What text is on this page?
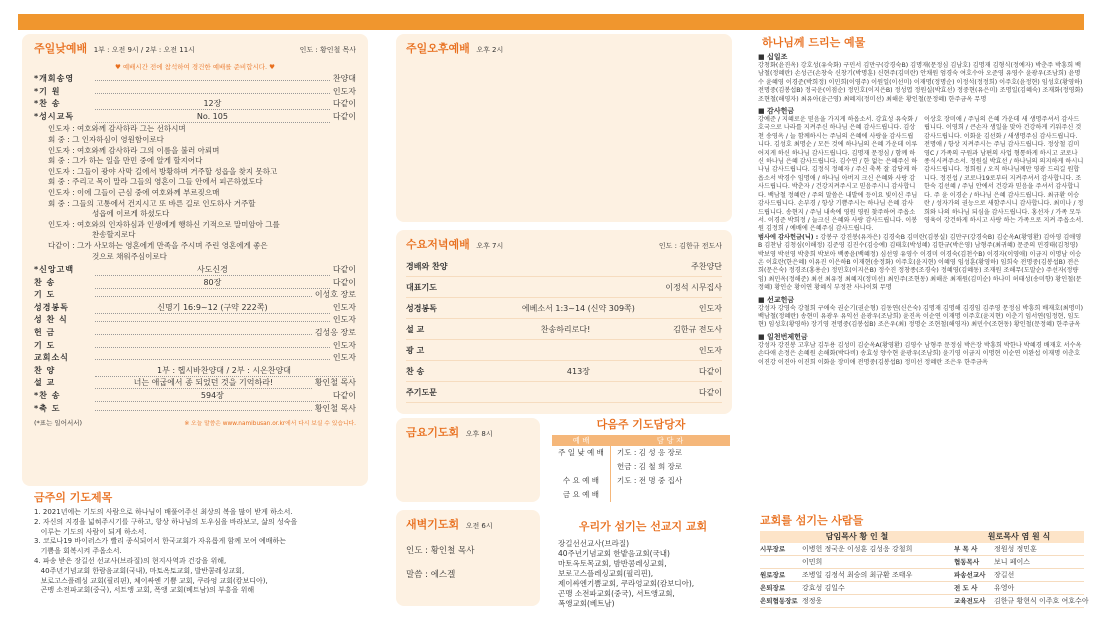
주일낮예배 1부 : 오전 9시 / 2부 : 오전 11시	인도 : 황인철 목사
♥ 예배시간 전에 참석하여 경건한 예배를 준비합시다. ♥
*개회송영	찬양대
*기 원	인도자
*찬 송	12장	다같이
*성시교독	No. 105	다같이
인도자 : 여호와께 감사하라 그는 선하시며
회 중 : 그 인자하심이 영원함이로다
인도자 : 여호와께 감사하라 그의 이름을 불러 아뢰며
회 중 : 그가 하는 일을 만민 중에 알게 할지어다
인도자 : 그들이 광야 사막 길에서 방황하며 거주할 성읍을 찾지 못하고
회 중 : 주리고 목이 말라 그들의 영혼이 그들 안에서 피곤하였도다
인도자 : 이에 그들이 근심 중에 여호와께 부르짖으매
회 중 : 그들의 고통에서 건지시고 또 바른 길로 인도하사 거주할
성읍에 이르게 하셨도다
인도자 : 여호와의 인자하심과 인생에게 행하신 기적으로 말미암아 그를
찬송할지로다
다같이 : 그가 사모하는 영혼에게 만족을 주시며 주린 영혼에게 좋은
것으로 채워주심이로다
*신앙고백	사도신경	다같이
찬 송	80장	다같이
기 도	이성호 장로
성경봉독	신명기 16:9~12 (구약 222쪽)	인도자
성 찬 식	인도자
헌 금	김성응 장로
기 도	인도자
교회소식	인도자
찬 양	1부 : 헵시바찬양대 / 2부 : 시온찬양대
설 교	너는 애굽에서 종 되었던 것을 기억하라!	황인철 목사
*찬 송	594장	다같이
*축 도	황인철 목사
(*표는 일어서서)	※ 오늘 말씀은 www.namibusan.or.kr에서 다시 보실 수 있습니다.
금주의 기도제목
1. 2021년에는 기도의 사람으로 하나님이 배풀어주신 최상의 복을 많이 받게 하소서.
2. 자신의 지경을 넓혀주시기를 구하고, 항상 하나님의 도우심을 바라보고, 삶의 성숙을
이루는 기도의 사람이 되게 하소서.
3. 코로나19 바이러스가 빨리 종식되어서 한국교회가 자유롭게 함께 모여 예배하는
기쁨을 회복시켜 주옵소서.
4. 파송 받은 장길선 선교사(브라질)의 현지사역과 건강을 위해,
40주년기념교회 한람음교회(국내), 마토옥토교회, 발반콤레싱교회,
보로고스플레싱 교회(필리핀), 체이싸엔 기쁨 교회, 쿠라엉 교회(캄보디아),
곤맹 소전파교회(중국), 서트앵 교회, 폭앵 교회(베트남)의 부흥을 위해
주일오후예배 오후 2시
수요저녁예배 오후 7시	인도 : 김한규 전도사
경배와 찬양	주찬양단
대표기도	이정석 시무집사
성경봉독	에베소서 1:3~14 (신약 309쪽)	인도자
설 교	찬송하리로다!	김한규 전도사
광 고	인도자
찬 송	413장	다같이
주기도문	다같이
금요기도회 오후 8시
새벽기도회 오전 6시
인도 : 황인철 목사
말씀 : 에스겔
다음주 기도담당자
예 배	담 당 자
주 일 낮 예 배	기도 : 김 성 응 장로
헌금 : 김 철 희 장로
수 요 예 배	기도 : 전 명 중 집사
금 요 예 배
우리가 섬기는 선교지 교회
장길선선교사(브라질)
40주년기념교회 한밭음교회(국내)
마토옥토목교회, 밤반콤레싱교회,
보로고스플레싱교회(필리핀),
제이싸엔기쁨교회, 쿠라엉교회(캄보디아),
곤맹 소전파교회(중국), 서트앵교회,
폭앵교회(베트남)
하나님께 드리는 예물
■ 십일조
강청화(윤진옥) 강호성(유숙화) 구민서 김만구(강경숙B) 김명재(문정심 김남호) 김명재 김형식(정예자) 박춘주 박흥희 백남철(정혜란) 손성근(손창숙 신창기(박명훈) 신현주(김미란) 안채원 엄경숙 여호수아 오준영 유영수 윤광우(조남희) 윤명수 윤혜영 이경준(박희정) 이민희(이영주) 이원일(이선미) 이재명(정명순) 이정석(정정희) 이주호(윤정현) 임성호(황영하) 전명중(김봉섭B) 정국운(이점순) 정민호(이지은B) 정성엽 정원실(박효선) 정중현(유은미) 조명일(김혜숙) 조재화(정영화) 조현철(해영자) 최유아(윤근영) 최혜지(정미선) 최해운 황인철(문정혜) 한주금옥 무명
■ 감사헌금
강예준 / 지혜로운 믿음을 가지게 하옵소서. 강효성 유숙화 / 호국으로 나라를 지켜주신 하나님 은혜 감사드립니다. 김상천 송영옥 / 늘 함께하시는 주님의 은혜에 사랑을 감사드립니다. 김성호 최명순 / 모든 것에 하나님의 은혜 가운데 이루어지게 하신 하나님 감사드립니다. 김명재 문정심 / 함께 하신 하나님 은혜 감사드립니다. 김수연 / 한 없는 은혜주신 하나님 감사드립니다. 김정식 정혜자 / 주신 축복 잘 감당케 하옵소서 박경수 임명애 / 하나님 아버지 크신 은혜와 사랑 감사드립니다. 박춘자 / 건강지켜주시고 믿음주시니 감사합니다. 백남철 정혜란 / 주의 말씀은 내발에 등이요 빛이신 주님 감사드립니다. 손부경 / 항상 기쁨주시는 하나님 은혜 감사드립니다. 송현지 / 주님 내속에 영원 영원 찾주하여 주옵소서. 이경준 박희정 / 늘크신 은혜와 사랑 감사드립니다. 이봉원 김정희 / 예배에 은혜주심 감사드립니다.
이상호 장미애 / 주님의 은혜 가운데 새 생명주셔서 감사드립니다. 이영희 / 큰손자 생일을 맞아 건강하게 키워주신 것 감사드립니다. 이화윤 김선화 / 새생명주심 감사드립니다. 전명애 / 항상 지켜주시는 주님 감사드립니다. 정상철 김미영C / 가족의 구원과 남편의 사업 형통하게 하시고 코로나 종식시켜주소서. 정원실 박효선 / 하나님의 의지하게 하시니 감사드립니다. 정희원 / 오직 하나님께만 영광 드리길 원합니다. 정진섭 / 코로나19로부터 지켜주셔서 감사합니다. 조한숙 김선혜 / 주님 안에서 건강과 믿음을 주셔서 감사합니다. 주 윤 이경순 / 하나님 은혜 감사드립니다. 최규환 이승란 / 성자가의 권능으로 새함주시니 감사합니다. 최미나 / 정희와 나의 하나님 되심을 감사드립니다. 홍선자 / 가족 모두 영육이 강건하게 하시고 사랑 하는 가족으로 지켜 주옵소서.
범사에 감사헌금(닉) : 강봉구 강진봉(유자은) 김경숙B 김미란(김봉실) 김만구(강경숙B) 김순옥A(황영환) 김아영 김애영B 김찬남 김청심(이해정) 김준영 김진수(김승예) 김태호(박성혜) 김한규(박은영) 남형주(최귀혜) 문준의 민경태(김청영) 박보영 박선영 박충희 박보아 백종윤(백혜정) 심선영 유영수 이경미 이경숙(김천수B) 이경자(이영애) 이금지 이명남 이승온 이효란(한은혜) 이유진 이은하B 이재현(송정화) 이주호(윤지현) 이혜영 임성훈(황영하) 임희숙 전명중(김봉섭B) 전은희(문은숙) 정경조(홍용순) 정민호(이지은B) 정수진 정창종(조경숙) 정혜영(김혜동) 조재원 조해무(도말순) 주선자(정량임) 최민옥(정해준) 최선 최유정 최혜지(정미선) 최인주(조현동) 최해운 최재원(김미순) 하나미 허태성(송미향) 황인철(문정혜) 황인순 황이연 황혜식 부정찬 사나이회 무명
■ 선교헌금
강성자 강영숙 강철희 구애숙 권순기(권순형) 김동연(신은숙) 김명재 김명해 김경임 김주영 문정심 박흥희 배재호(최명미) 백남철(정혜란) 송현미 유광우 유익선 윤광우(조남희) 윤진옥 이순연 이재명 이주호(윤지현) 이춘기 임서연(임정현, 임도현) 임성호(황영하) 장기영 전명중(김봉섭B) 조은우(최) 정명순 조현철(해영자) 최민수(조현동) 황인철(문정혜) 한주금옥
■ 일천번제헌금
강성자 강진봉 고후남 김두용 김성미 김순옥A(황영환) 김영수 남형주 문정심 박은장 박흥희 박한나 박혜경 배재호 서수옥 손다애 손정은 손혜원 손해화(박다비) 송효성 양수현 윤광우(조남희) 윤기영 이금지 이명현 이순연 이완섭 이재명 이춘호 이진강 이진아 이진희 이화윤 장미애 전명중(김봉섭B) 정미선 정혜란 조은우 한주금옥
교회를 섬기는 사람들
담임목사 황 인 철	원로목사 염 원 식
시무장로	이병헌 정국운 이성훈 김성응 강철희	부 목 사	정원성 정민훈
이민희	협동목사	보니 페이스
원로장로	조병일 김정석 최승의 최규환 조태우	파송선교사	장길선
은퇴장로	강효성 김일수	전 도 사	유영아
은퇴협동장로 정정웅	교육전도사	김한규 황현식 이주호 여호수아
